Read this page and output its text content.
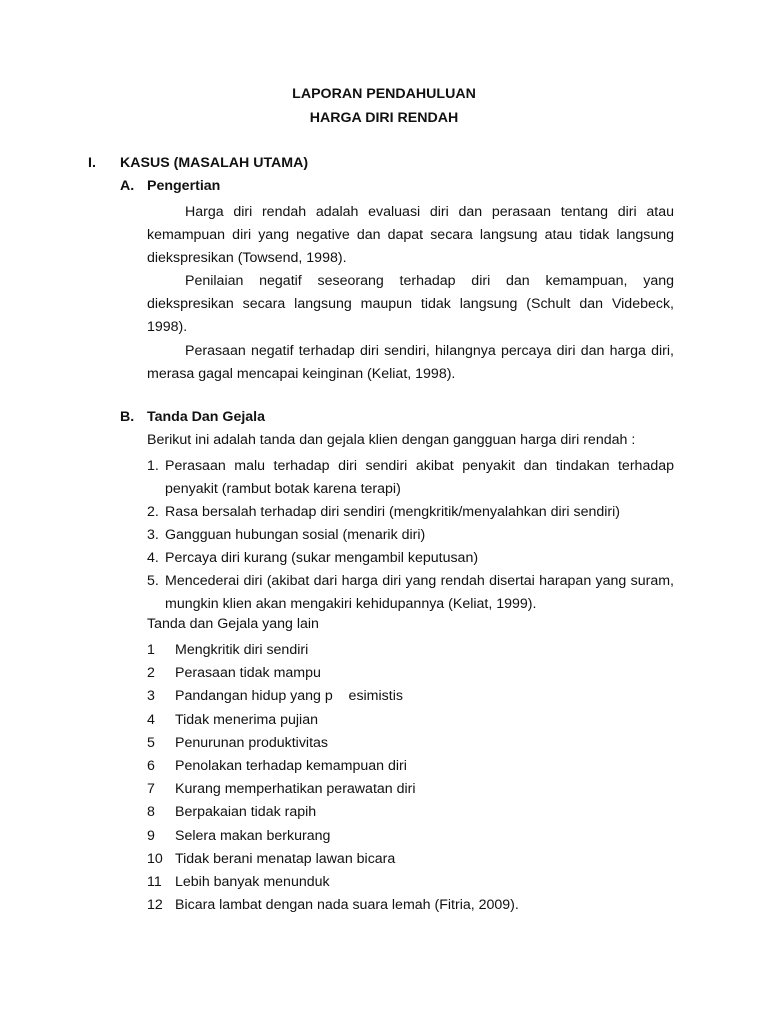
LAPORAN PENDAHULUAN
HARGA DIRI RENDAH
I. KASUS (MASALAH UTAMA)
A. Pengertian

Harga diri rendah adalah evaluasi diri dan perasaan tentang diri atau kemampuan diri yang negative dan dapat secara langsung atau tidak langsung diekspresikan (Towsend, 1998).

Penilaian negatif seseorang terhadap diri dan kemampuan, yang diekspresikan secara langsung maupun tidak langsung (Schult dan Videbeck, 1998).

Perasaan negatif terhadap diri sendiri, hilangnya percaya diri dan harga diri, merasa gagal mencapai keinginan (Keliat, 1998).

B. Tanda Dan Gejala
Berikut ini adalah tanda dan gejala klien dengan gangguan harga diri rendah :
1. Perasaan malu terhadap diri sendiri akibat penyakit dan tindakan terhadap penyakit (rambut botak karena terapi)
2. Rasa bersalah terhadap diri sendiri (mengkritik/menyalahkan diri sendiri)
3. Gangguan hubungan sosial (menarik diri)
4. Percaya diri kurang (sukar mengambil keputusan)
5. Mencederai diri (akibat dari harga diri yang rendah disertai harapan yang suram, mungkin klien akan mengakiri kehidupannya (Keliat, 1999).
Tanda dan Gejala yang lain
1 Mengkritik diri sendiri
2 Perasaan tidak mampu
3 Pandangan hidup yang p    esimistis
4 Tidak menerima pujian
5 Penurunan produktivitas
6 Penolakan terhadap kemampuan diri
7 Kurang memperhatikan perawatan diri
8 Berpakaian tidak rapih
9 Selera makan berkurang
10 Tidak berani menatap lawan bicara
11 Lebih banyak menunduk
12 Bicara lambat dengan nada suara lemah (Fitria, 2009).
